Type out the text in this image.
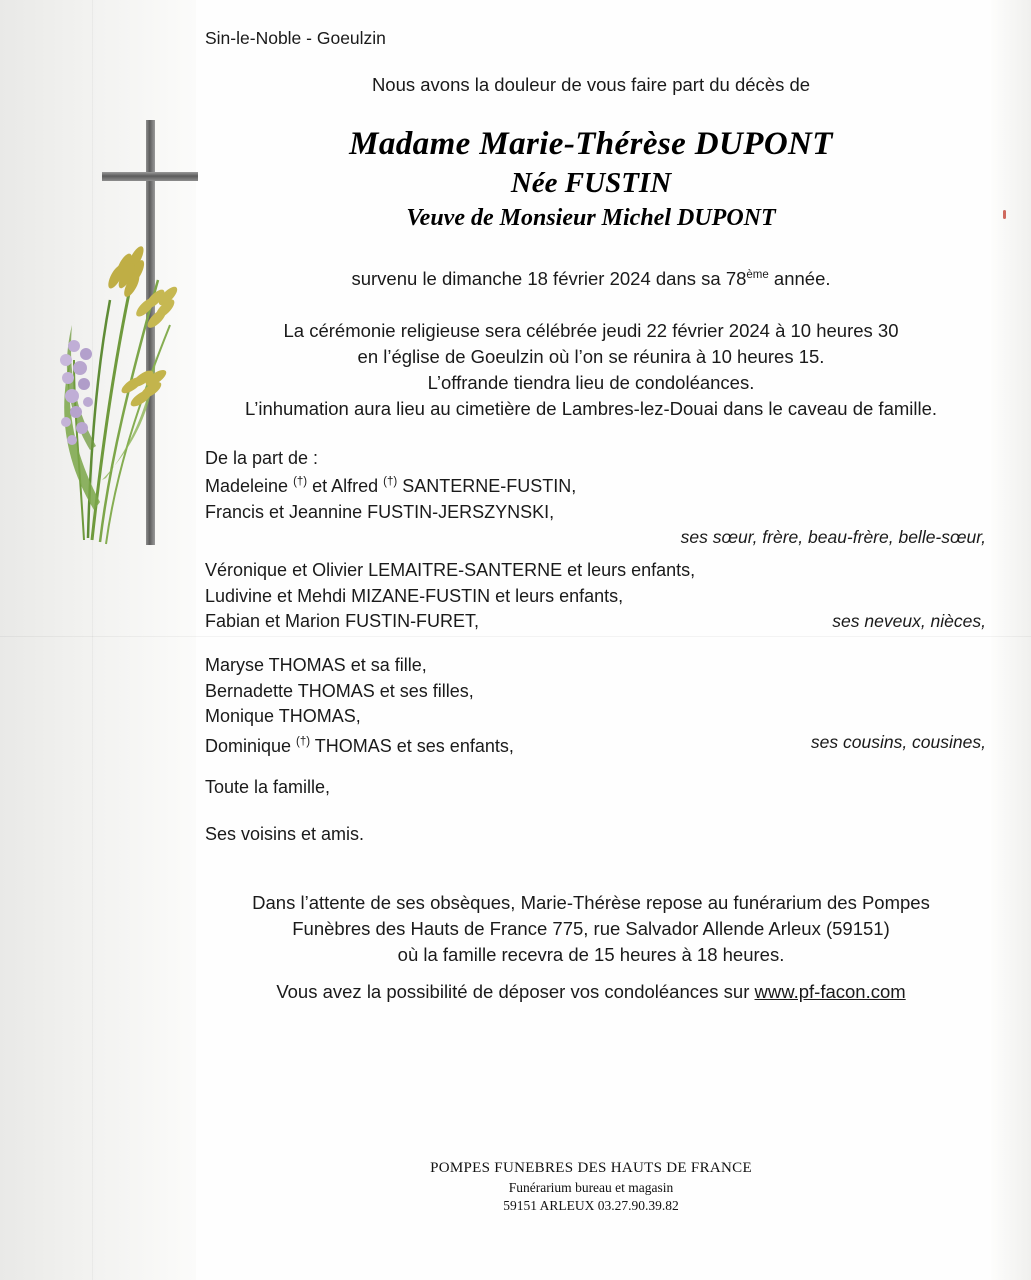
Sin-le-Noble - Goeulzin
Nous avons la douleur de vous faire part du décès de
Madame Marie-Thérèse DUPONT
Née FUSTIN
Veuve de Monsieur Michel DUPONT
survenu le dimanche 18 février 2024 dans sa 78ème année.
La cérémonie religieuse sera célébrée jeudi 22 février 2024 à 10 heures 30
en l’église de Goeulzin où l’on se réunira à 10 heures 15.
L’offrande tiendra lieu de condoléances.
L’inhumation aura lieu au cimetière de Lambres-lez-Douai dans le caveau de famille.
De la part de :
Madeleine (†) et Alfred (†) SANTERNE-FUSTIN,
Francis et Jeannine FUSTIN-JERSZYNSKI,
ses sœur, frère, beau-frère, belle-sœur,

Véronique et Olivier LEMAITRE-SANTERNE et leurs enfants,
Ludivine et Mehdi MIZANE-FUSTIN et leurs enfants,
ses neveux, nièces,
Fabian et Marion FUSTIN-FURET,
Maryse THOMAS et sa fille,
Bernadette THOMAS et ses filles,
Monique THOMAS,
ses cousins, cousines,
Dominique (†) THOMAS et ses enfants,
Toute la famille,
Ses voisins et amis.
Dans l’attente de ses obsèques, Marie-Thérèse repose au funérarium des Pompes
Funèbres des Hauts de France 775, rue Salvador Allende Arleux (59151)
où la famille recevra de 15 heures à 18 heures.
Vous avez la possibilité de déposer vos condoléances sur www.pf-facon.com
POMPES FUNEBRES DES HAUTS DE FRANCE
Funérarium bureau et magasin
59151 ARLEUX 03.27.90.39.82
